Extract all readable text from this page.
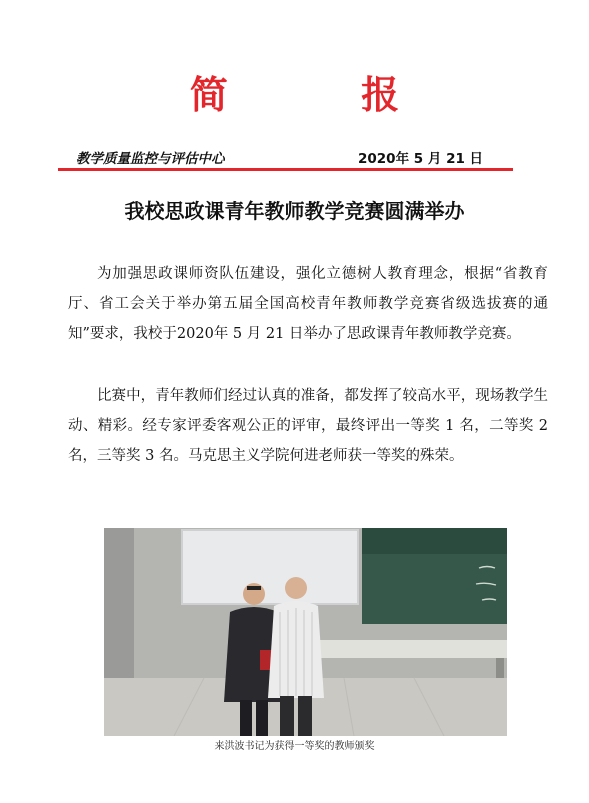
简 报
教学质量监控与评估中心	2020年 5 月 21 日
我校思政课青年教师教学竞赛圆满举办

为加强思政课师资队伍建设，强化立德树人教育理念，根据“省教育厅、省工会关于举办第五届全国高校青年教师教学竞赛省级选拔赛的通知”要求，我校于2020年 5 月 21 日举办了思政课青年教师教学竞赛。

比赛中，青年教师们经过认真的准备，都发挥了较高水平，现场教学生动、精彩。经专家评委客观公正的评审，最终评出一等奖 1 名，二等奖 2 名，三等奖 3 名。马克思主义学院何进老师获一等奖的殊荣。

来洪波书记为获得一等奖的教师颁奖
